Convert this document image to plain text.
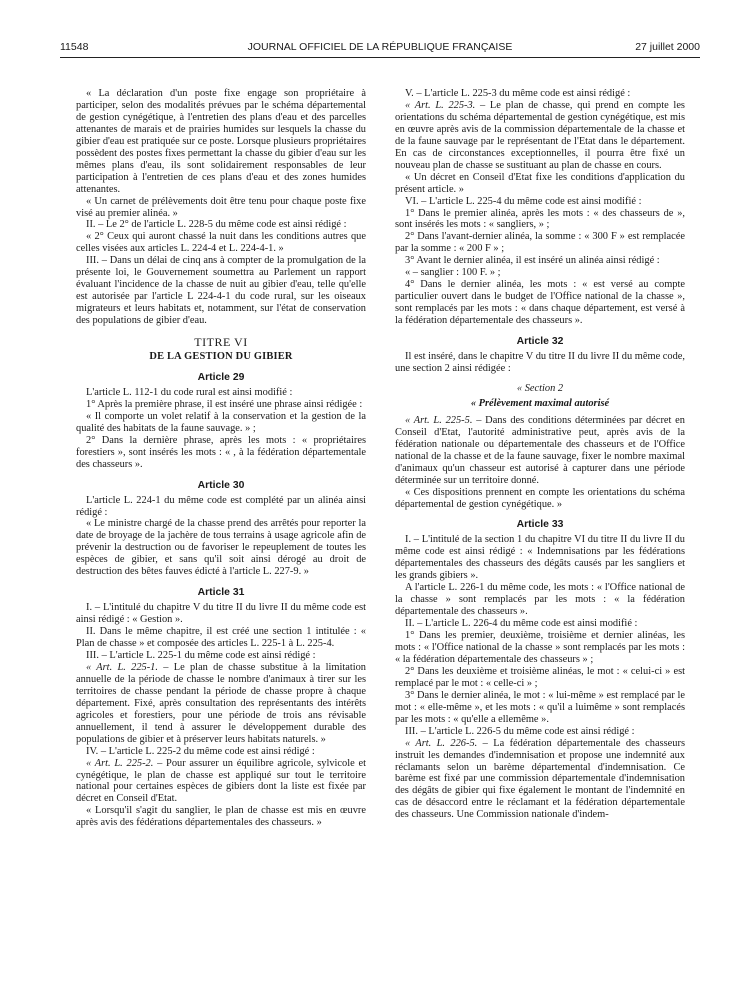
11548	JOURNAL OFFICIEL DE LA RÉPUBLIQUE FRANÇAISE	27 juillet 2000

« La déclaration d'un poste fixe engage son propriétaire à participer, selon des modalités prévues par le schéma départemental de gestion cynégétique, à l'entretien des plans d'eau et des parcelles attenantes de marais et de prairies humides sur lesquels la chasse du gibier d'eau est pratiquée sur ce poste. Lorsque plusieurs propriétaires possèdent des postes fixes permettant la chasse du gibier d'eau sur les mêmes plans d'eau, ils sont solidairement responsables de leur participation à l'entretien de ces plans d'eau et des zones humides attenantes.

« Un carnet de prélèvements doit être tenu pour chaque poste fixe visé au premier alinéa. »

II. – Le 2° de l'article L. 228-5 du même code est ainsi rédigé :

« 2° Ceux qui auront chassé la nuit dans les conditions autres que celles visées aux articles L. 224-4 et L. 224-4-1. »

III. – Dans un délai de cinq ans à compter de la promulgation de la présente loi, le Gouvernement soumettra au Parlement un rapport évaluant l'incidence de la chasse de nuit au gibier d'eau, telle qu'elle est autorisée par l'article L 224-4-1 du code rural, sur les oiseaux migrateurs et leurs habitats et, notamment, sur l'état de conservation des populations de gibier d'eau.

TITRE VI
DE LA GESTION DU GIBIER

Article 29

L'article L. 112-1 du code rural est ainsi modifié :

1° Après la première phrase, il est inséré une phrase ainsi rédigée :

« Il comporte un volet relatif à la conservation et la gestion de la qualité des habitats de la faune sauvage. » ;

2° Dans la dernière phrase, après les mots : « propriétaires forestiers », sont insérés les mots : « , à la fédération départementale des chasseurs ».

Article 30

L'article L. 224-1 du même code est complété par un alinéa ainsi rédigé :

« Le ministre chargé de la chasse prend des arrêtés pour reporter la date de broyage de la jachère de tous terrains à usage agricole afin de prévenir la destruction ou de favoriser le repeuplement de toutes les espèces de gibier, et sans qu'il soit ainsi dérogé au droit de destruction des bêtes fauves édicté à l'article L. 227-9. »

Article 31

I. – L'intitulé du chapitre V du titre II du livre II du même code est ainsi rédigé : « Gestion ».

II. Dans le même chapitre, il est créé une section 1 intitulée : « Plan de chasse » et composée des articles L. 225-1 à L. 225-4.

III. – L'article L. 225-1 du même code est ainsi rédigé :

« Art. L. 225-1. – Le plan de chasse substitue à la limitation annuelle de la période de chasse le nombre d'animaux à tirer sur les territoires de chasse pendant la période de chasse propre à chaque département. Fixé, après consultation des représentants des intérêts agricoles et forestiers, pour une période de trois ans révisable annuellement, il tend à assurer le développement durable des populations de gibier et à préserver leurs habitats naturels. »

IV. – L'article L. 225-2 du même code est ainsi rédigé :

« Art. L. 225-2. – Pour assurer un équilibre agricole, sylvicole et cynégétique, le plan de chasse est appliqué sur tout le territoire national pour certaines espèces de gibiers dont la liste est fixée par décret en Conseil d'Etat.

« Lorsqu'il s'agit du sanglier, le plan de chasse est mis en œuvre après avis des fédérations départementales des chasseurs. »

V. – L'article L. 225-3 du même code est ainsi rédigé :

« Art. L. 225-3. – Le plan de chasse, qui prend en compte les orientations du schéma départemental de gestion cynégétique, est mis en œuvre après avis de la commission départementale de la chasse et de la faune sauvage par le représentant de l'Etat dans le département. En cas de circonstances exceptionnelles, il pourra être fixé un nouveau plan de chasse se sustituant au plan de chasse en cours.

« Un décret en Conseil d'Etat fixe les conditions d'application du présent article. »

VI. – L'article L. 225-4 du même code est ainsi modifié :

1° Dans le premier alinéa, après les mots : « des chasseurs de », sont insérés les mots : « sangliers, » ;

2° Dans l'avant-dernier alinéa, la somme : « 300 F » est remplacée par la somme : « 200 F » ;

3° Avant le dernier alinéa, il est inséré un alinéa ainsi rédigé :

« – sanglier : 100 F. » ;

4° Dans le dernier alinéa, les mots : « est versé au compte particulier ouvert dans le budget de l'Office national de la chasse », sont remplacés par les mots : « dans chaque département, est versé à la fédération départementale des chasseurs ».

Article 32

Il est inséré, dans le chapitre V du titre II du livre II du même code, une section 2 ainsi rédigée :

« Section 2

« Prélèvement maximal autorisé

« Art. L. 225-5. – Dans des conditions déterminées par décret en Conseil d'Etat, l'autorité administrative peut, après avis de la fédération nationale ou départementale des chasseurs et de l'Office national de la chasse et de la faune sauvage, fixer le nombre maximal d'animaux qu'un chasseur est autorisé à capturer dans une période déterminée sur un territoire donné.

« Ces dispositions prennent en compte les orientations du schéma départemental de gestion cynégétique. »

Article 33

I. – L'intitulé de la section 1 du chapitre VI du titre II du livre II du même code est ainsi rédigé : « Indemnisations par les fédérations départementales des chasseurs des dégâts causés par les sangliers et les grands gibiers ».

A l'article L. 226-1 du même code, les mots : « l'Office national de la chasse » sont remplacés par les mots : « la fédération départementale des chasseurs ».

II. – L'article L. 226-4 du même code est ainsi modifié :

1° Dans les premier, deuxième, troisième et dernier alinéas, les mots : « l'Office national de la chasse » sont remplacés par les mots : « la fédération départementale des chasseurs » ;

2° Dans les deuxième et troisième alinéas, le mot : « celui-ci » est remplacé par le mot : « celle-ci » ;

3° Dans le dernier alinéa, le mot : « lui-même » est remplacé par le mot : « elle-même », et les mots : « qu'il a luimême » sont remplacés par les mots : « qu'elle a ellemême ».

III. – L'article L. 226-5 du même code est ainsi rédigé :

« Art. L. 226-5. – La fédération départementale des chasseurs instruit les demandes d'indemnisation et propose une indemnité aux réclamants selon un barème départemental d'indemnisation. Ce barème est fixé par une commission départementale d'indemnisation des dégâts de gibier qui fixe également le montant de l'indemnité en cas de désaccord entre le réclamant et la fédération départementale des chasseurs. Une Commission nationale d'indem-
